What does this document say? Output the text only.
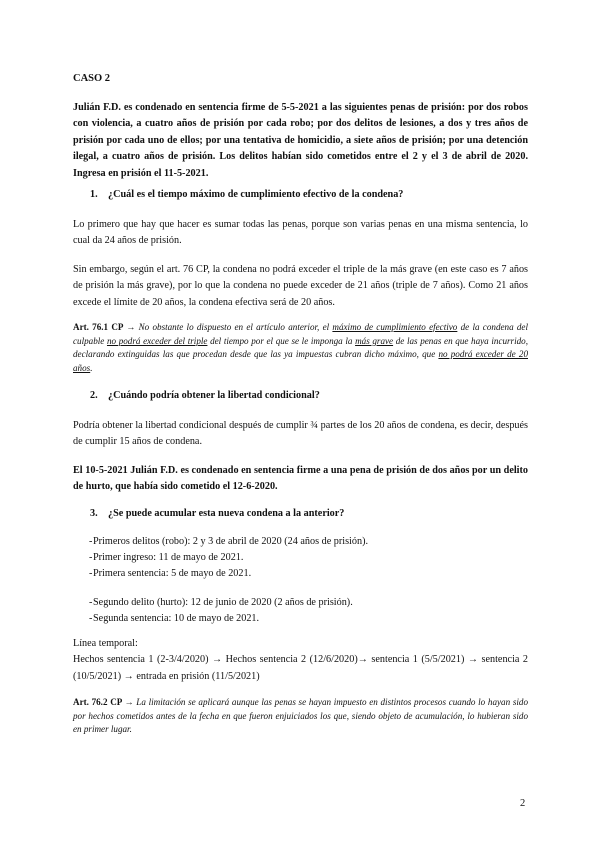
CASO 2
Julián F.D. es condenado en sentencia firme de 5-5-2021 a las siguientes penas de prisión: por dos robos con violencia, a cuatro años de prisión por cada robo; por dos delitos de lesiones, a dos y tres años de prisión por cada uno de ellos; por una tentativa de homicidio, a siete años de prisión; por una detención ilegal, a cuatro años de prisión. Los delitos habían sido cometidos entre el 2 y el 3 de abril de 2020. Ingresa en prisión el 11-5-2021.
1. ¿Cuál es el tiempo máximo de cumplimiento efectivo de la condena?
Lo primero que hay que hacer es sumar todas las penas, porque son varias penas en una misma sentencia, lo cual da 24 años de prisión.
Sin embargo, según el art. 76 CP, la condena no podrá exceder el triple de la más grave (en este caso es 7 años de prisión la más grave), por lo que la condena no puede exceder de 21 años (triple de 7 años). Como 21 años excede el límite de 20 años, la condena efectiva será de 20 años.
Art. 76.1 CP → No obstante lo dispuesto en el artículo anterior, el máximo de cumplimiento efectivo de la condena del culpable no podrá exceder del triple del tiempo por el que se le imponga la más grave de las penas en que haya incurrido, declarando extinguidas las que procedan desde que las ya impuestas cubran dicho máximo, que no podrá exceder de 20 años.
2. ¿Cuándo podría obtener la libertad condicional?
Podría obtener la libertad condicional después de cumplir ¾ partes de los 20 años de condena, es decir, después de cumplir 15 años de condena.
El 10-5-2021 Julián F.D. es condenado en sentencia firme a una pena de prisión de dos años por un delito de hurto, que había sido cometido el 12-6-2020.
3. ¿Se puede acumular esta nueva condena a la anterior?
- Primeros delitos (robo): 2 y 3 de abril de 2020 (24 años de prisión).
- Primer ingreso: 11 de mayo de 2021.
- Primera sentencia: 5 de mayo de 2021.
- Segundo delito (hurto): 12 de junio de 2020 (2 años de prisión).
- Segunda sentencia: 10 de mayo de 2021.
Línea temporal:
Hechos sentencia 1 (2-3/4/2020) → Hechos sentencia 2 (12/6/2020)→ sentencia 1 (5/5/2021) → sentencia 2 (10/5/2021) → entrada en prisión (11/5/2021)
Art. 76.2 CP → La limitación se aplicará aunque las penas se hayan impuesto en distintos procesos cuando lo hayan sido por hechos cometidos antes de la fecha en que fueron enjuiciados los que, siendo objeto de acumulación, lo hubieran sido en primer lugar.
2
